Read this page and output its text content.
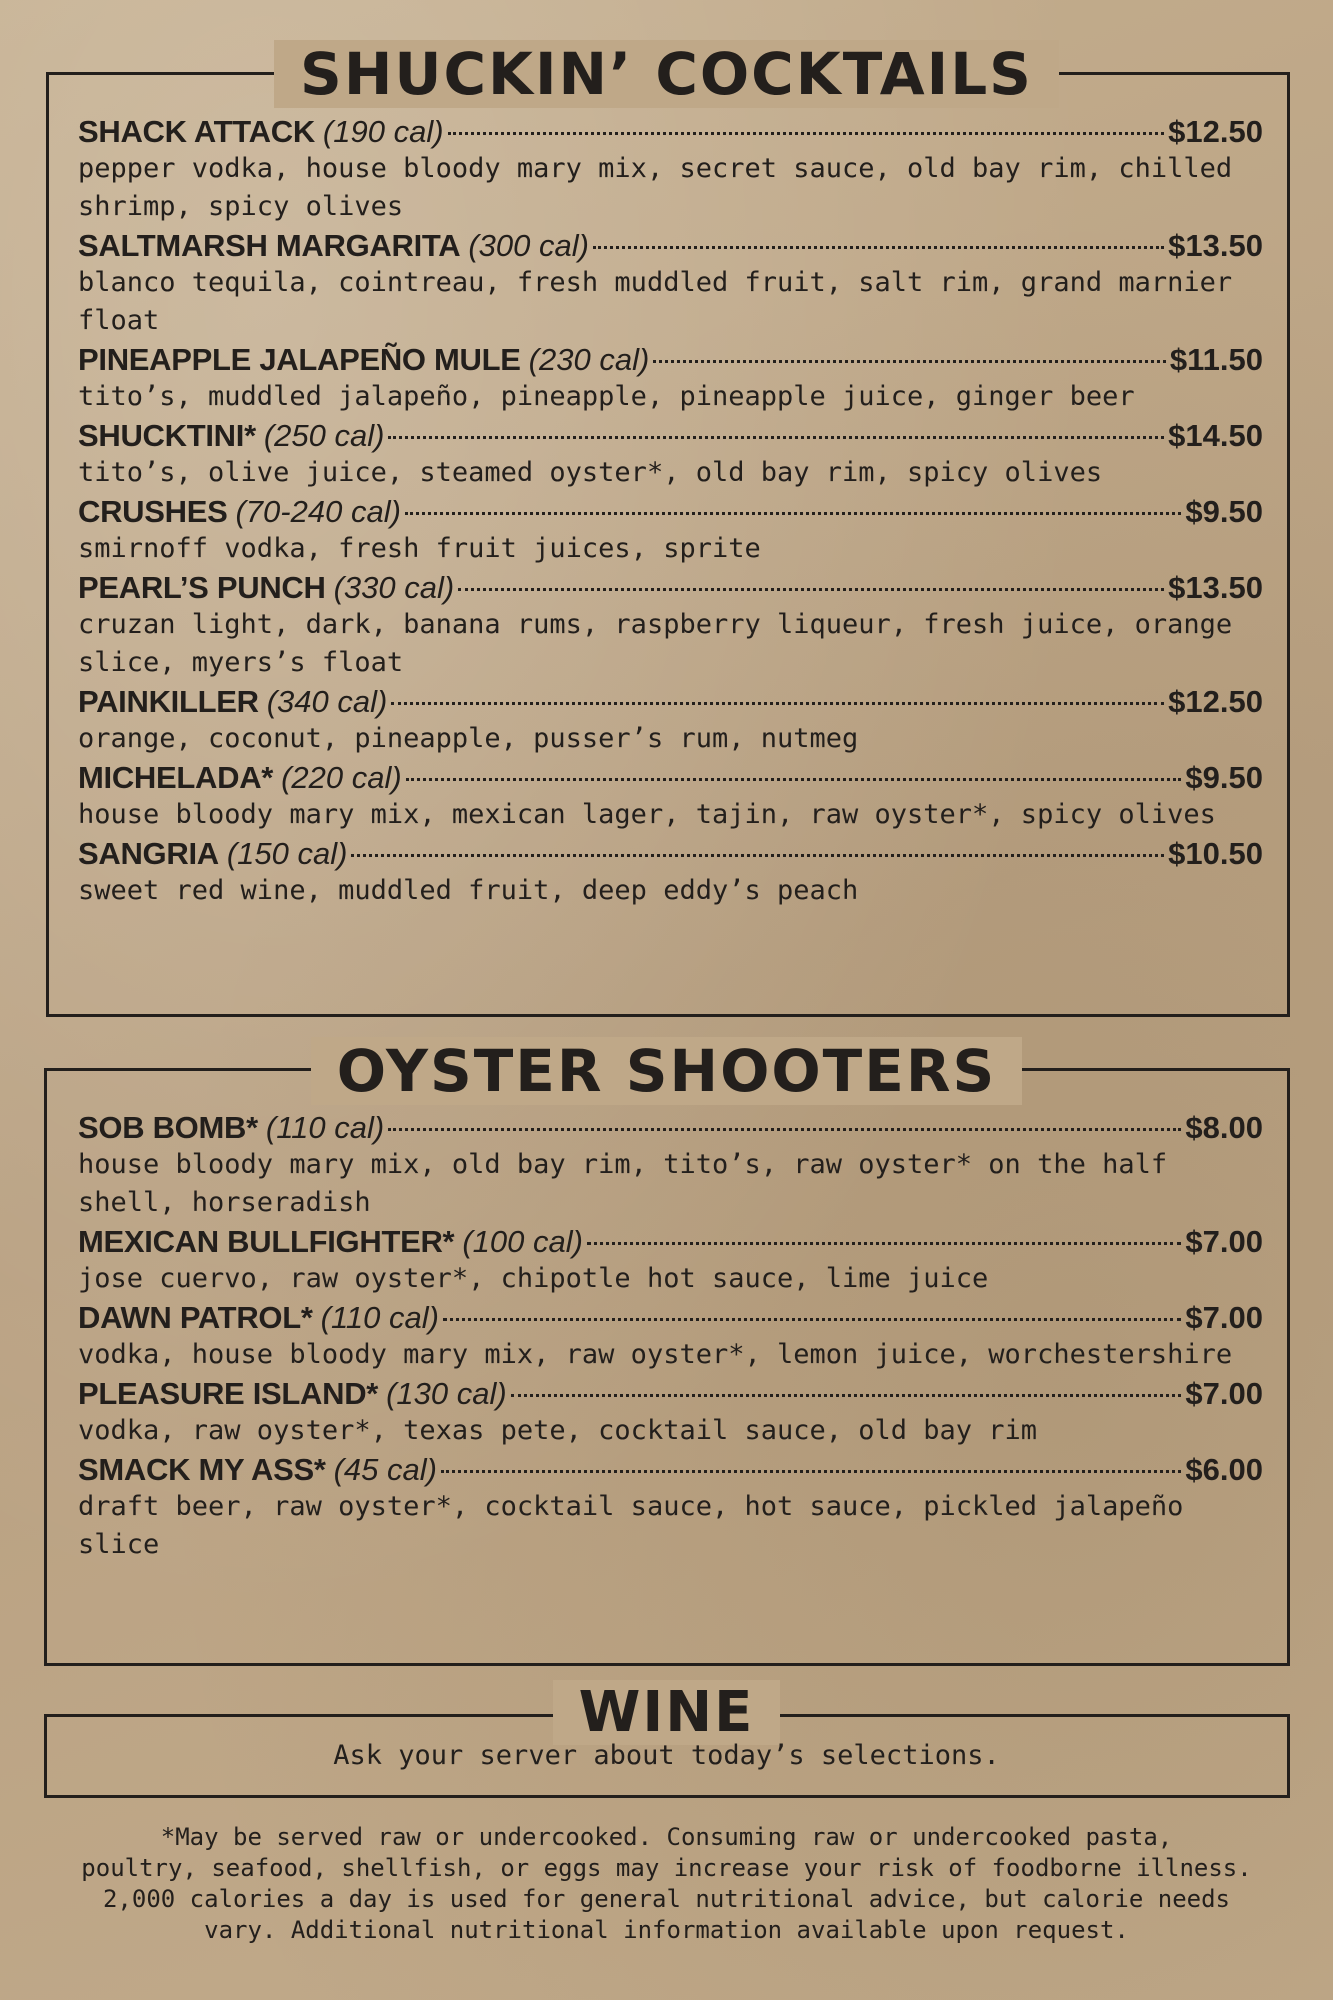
SHUCKIN’ COCKTAILS
SHACK ATTACK (190 cal)	$12.50
pepper vodka, house bloody mary mix, secret sauce, old bay rim, chilled shrimp, spicy olives
SALTMARSH MARGARITA (300 cal)	$13.50
blanco tequila, cointreau, fresh muddled fruit, salt rim, grand marnier float
PINEAPPLE JALAPEÑO MULE (230 cal)	$11.50
tito’s, muddled jalapeño, pineapple, pineapple juice, ginger beer
SHUCKTINI* (250 cal)	$14.50
tito’s, olive juice, steamed oyster*, old bay rim, spicy olives
CRUSHES (70-240 cal)	$9.50
smirnoff vodka, fresh fruit juices, sprite
PEARL’S PUNCH (330 cal)	$13.50
cruzan light, dark, banana rums, raspberry liqueur, fresh juice, orange slice, myers’s float
PAINKILLER (340 cal)	$12.50
orange, coconut, pineapple, pusser’s rum, nutmeg
MICHELADA* (220 cal)	$9.50
house bloody mary mix, mexican lager, tajin, raw oyster*, spicy olives
SANGRIA (150 cal)	$10.50
sweet red wine, muddled fruit, deep eddy’s peach
OYSTER SHOOTERS
SOB BOMB* (110 cal)	$8.00
house bloody mary mix, old bay rim, tito’s, raw oyster* on the half shell, horseradish
MEXICAN BULLFIGHTER* (100 cal)	$7.00
jose cuervo, raw oyster*, chipotle hot sauce, lime juice
DAWN PATROL* (110 cal)	$7.00
vodka, house bloody mary mix, raw oyster*, lemon juice, worchestershire
PLEASURE ISLAND* (130 cal)	$7.00
vodka, raw oyster*, texas pete, cocktail sauce, old bay rim
SMACK MY ASS* (45 cal)	$6.00
draft beer, raw oyster*, cocktail sauce, hot sauce, pickled jalapeño slice
WINE
Ask your server about today’s selections.
*May be served raw or undercooked. Consuming raw or undercooked pasta,
poultry, seafood, shellfish, or eggs may increase your risk of foodborne illness.
2,000 calories a day is used for general nutritional advice, but calorie needs
vary. Additional nutritional information available upon request.
